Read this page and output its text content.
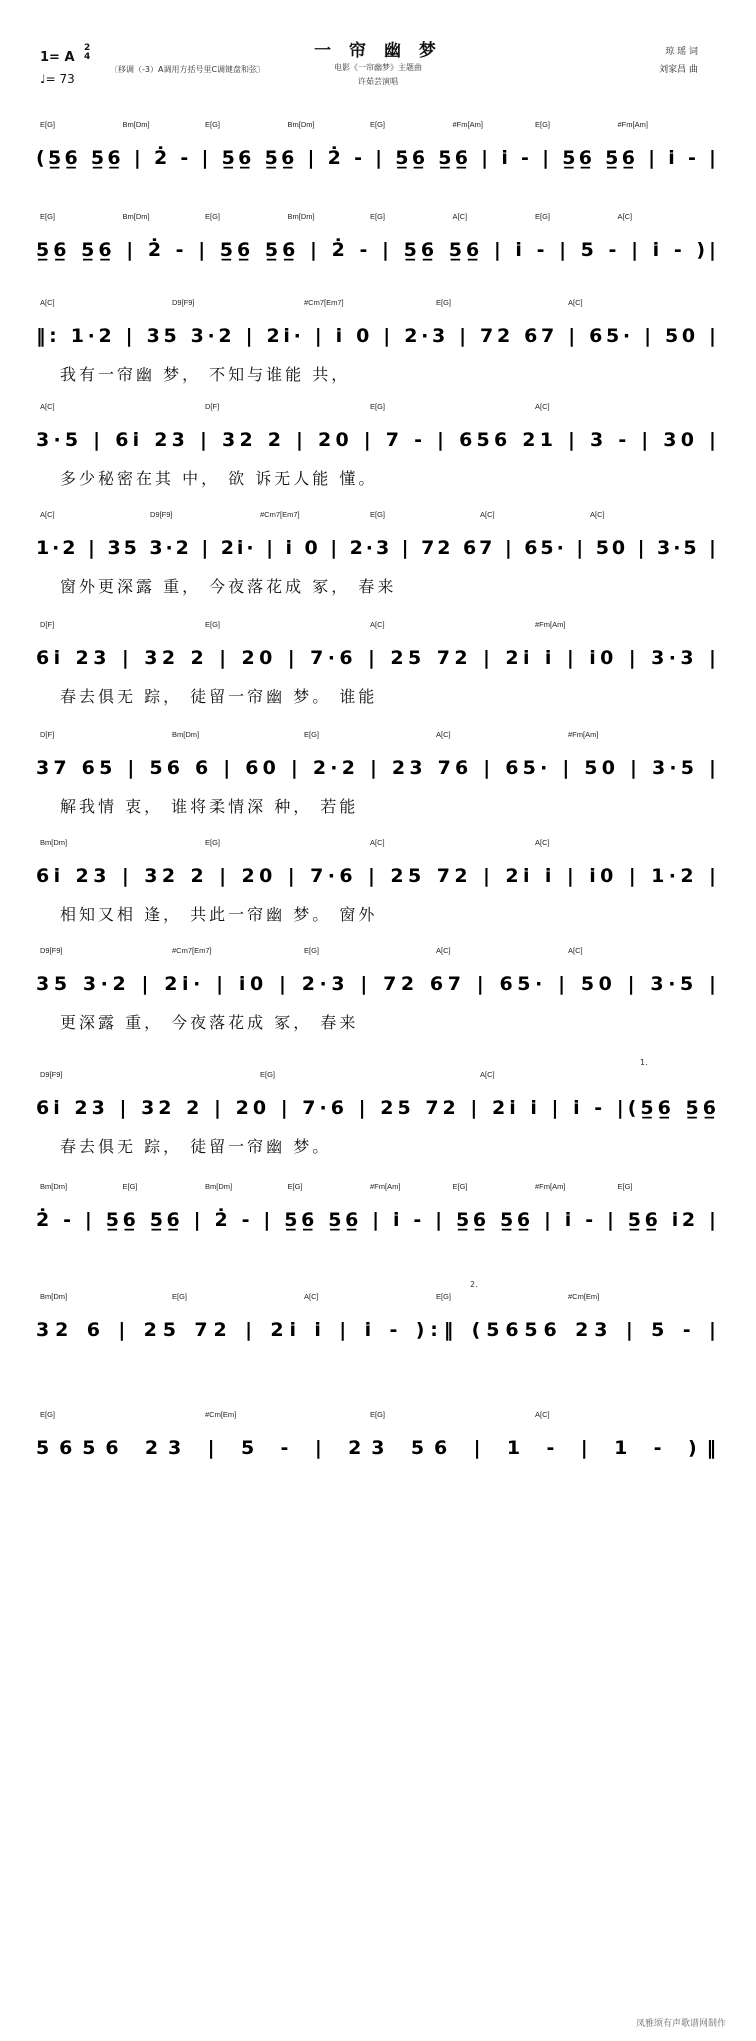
一 帘 幽 梦
电影《一帘幽梦》主题曲
许茹芸演唱
1= A
2
4
♩= 73
〔移调（-3）A调用方括号里C调键盘和弦〕
琼 瑶 词
刘家昌 曲
E[G]	Bm[Dm]	E[G]	Bm[Dm]	E[G]	#Fm[Am]	E[G]	#Fm[Am]
(5̲6̲ 5̲6̲ | 2̇ - | 5̲6̲ 5̲6̲ | 2̇ - | 5̲6̲ 5̲6̲ | i - | 5̲6̲ 5̲6̲ | i - |
E[G]	Bm[Dm]	E[G]	Bm[Dm]	E[G]	A[C]	E[G]	A[C]
5̲6̲ 5̲6̲ | 2̇ - | 5̲6̲ 5̲6̲ | 2̇ - | 5̲6̲ 5̲6̲ | i - | 5 - | i - )|
A[C]	D9[F9]	#Cm7[Em7]	E[G]	A[C]
‖: 1·2 | 35 3·2 | 2i· | i 0 | 2·3 | 72 67 | 65· | 50 |
我有一帘幽 梦， 不知与谁能 共，
A[C]	D[F]	E[G]	A[C]
3·5 | 6i 23 | 32 2 | 20 | 7 - | 656 21 | 3 - | 30 |
多少秘密在其 中， 欲 诉无人能 懂。
A[C]	D9[F9]	#Cm7[Em7]	E[G]	A[C]	A[C]
1·2 | 35 3·2 | 2i· | i 0 | 2·3 | 72 67 | 65· | 50 | 3·5 |
窗外更深露 重， 今夜落花成 冢， 春来
D[F]	E[G]	A[C]	#Fm[Am]
6i 23 | 32 2 | 20 | 7·6 | 25 72 | 2i i | i0 | 3·3 |
春去俱无 踪， 徒留一帘幽 梦。 谁能
D[F]	Bm[Dm]	E[G]	A[C]	#Fm[Am]
37 65 | 56 6 | 60 | 2·2 | 23 76 | 65· | 50 | 3·5 |
解我情 衷， 谁将柔情深 种， 若能
Bm[Dm]	E[G]	A[C]	A[C]
6i 23 | 32 2 | 20 | 7·6 | 25 72 | 2i i | i0 | 1·2 |
相知又相 逢， 共此一帘幽 梦。 窗外
D9[F9]	#Cm7[Em7]	E[G]	A[C]	A[C]
35 3·2 | 2i· | i0 | 2·3 | 72 67 | 65· | 50 | 3·5 |
更深露 重， 今夜落花成 冢， 春来
D9[F9]	E[G]	A[C]
6i 23 | 32 2 | 20 | 7·6 | 25 72 | 2i i | i - |(5̲6̲ 5̲6̲
春去俱无 踪， 徒留一帘幽 梦。
Bm[Dm]	E[G]	Bm[Dm]	E[G]	#Fm[Am]	E[G]	#Fm[Am]	E[G]
2̇ - | 5̲6̲ 5̲6̲ | 2̇ - | 5̲6̲ 5̲6̲ | i - | 5̲6̲ 5̲6̲ | i - | 5̲6̲ i2 |
Bm[Dm]	E[G]	A[C]	E[G]	#Cm[Em]
32 6 | 25 72 | 2i i | i - ):‖ (5656 23 | 5 - |
E[G]	#Cm[Em]	E[G]	A[C]
5656 23 | 5 - | 23 56 | 1 - | 1 - )‖
1.
2.
凤雅颂有声歌谱网制作
